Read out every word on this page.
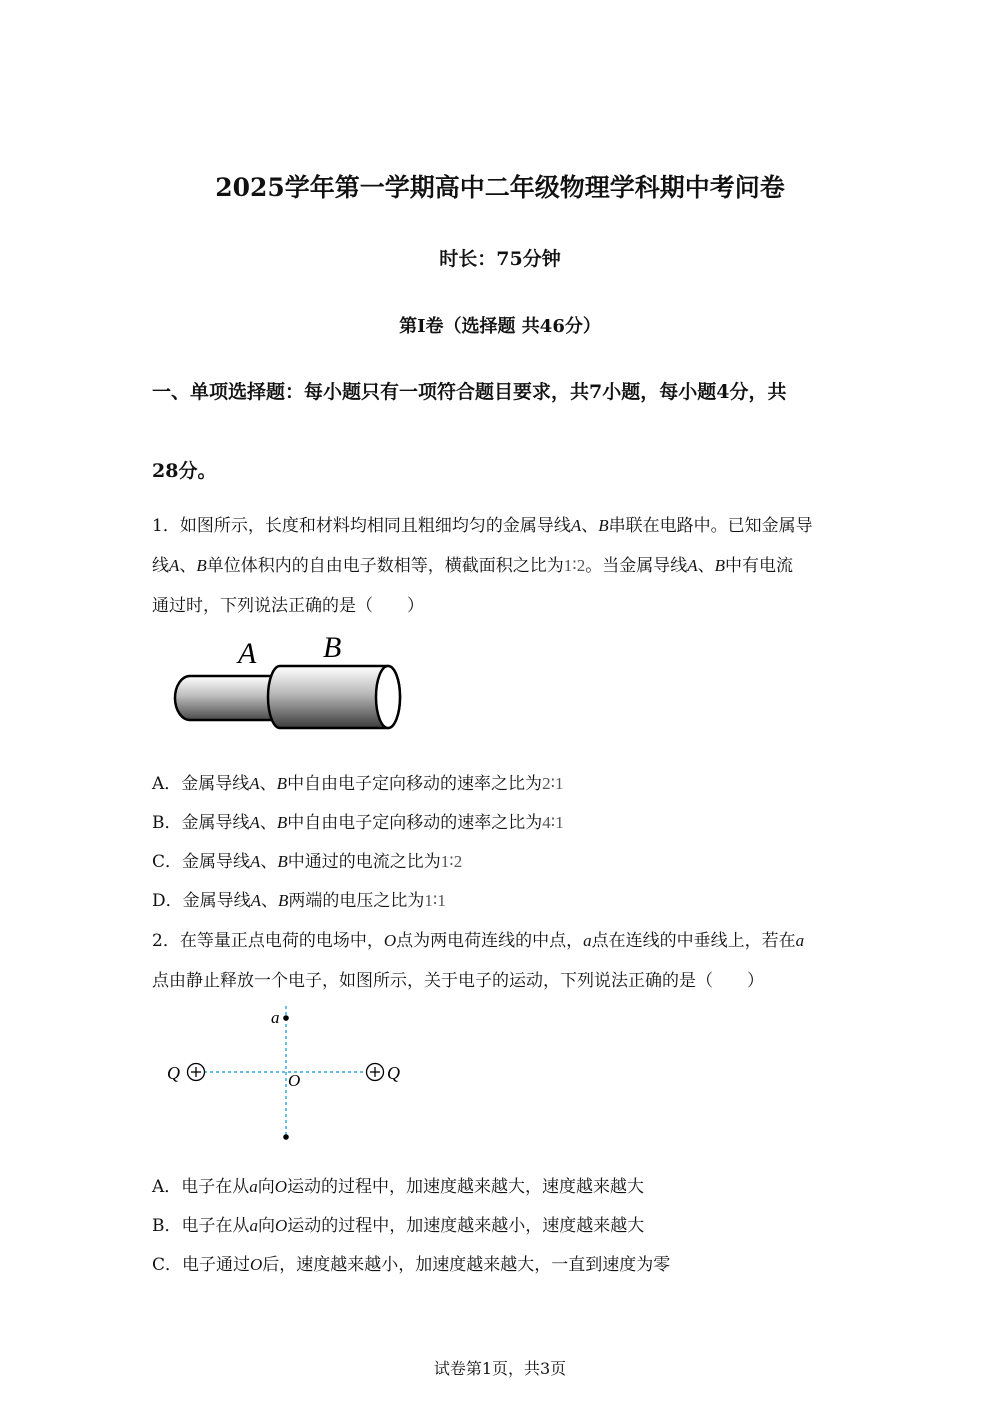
2025学年第一学期高中二年级物理学科期中考问卷
时长：75分钟
第Ⅰ卷（选择题 共46分）
一、单项选择题：每小题只有一项符合题目要求，共7小题，每小题4分，共
28分。
1．如图所示，长度和材料均相同且粗细均匀的金属导线A、B串联在电路中。已知金属导
线A、B单位体积内的自由电子数相等，横截面积之比为1∶2。当金属导线A、B中有电流
通过时，下列说法正确的是（　　）
A B
A．金属导线A、B中自由电子定向移动的速率之比为2∶1
B．金属导线A、B中自由电子定向移动的速率之比为4∶1
C．金属导线A、B中通过的电流之比为1∶2
D．金属导线A、B两端的电压之比为1∶1
2．在等量正点电荷的电场中，O点为两电荷连线的中点，a点在连线的中垂线上，若在a
点由静止释放一个电子，如图所示，关于电子的运动，下列说法正确的是（　　）
a
O
Q	Q
A．电子在从a向O运动的过程中，加速度越来越大，速度越来越大
B．电子在从a向O运动的过程中，加速度越来越小，速度越来越大
C．电子通过O后，速度越来越小，加速度越来越大，一直到速度为零
试卷第1页，共3页
